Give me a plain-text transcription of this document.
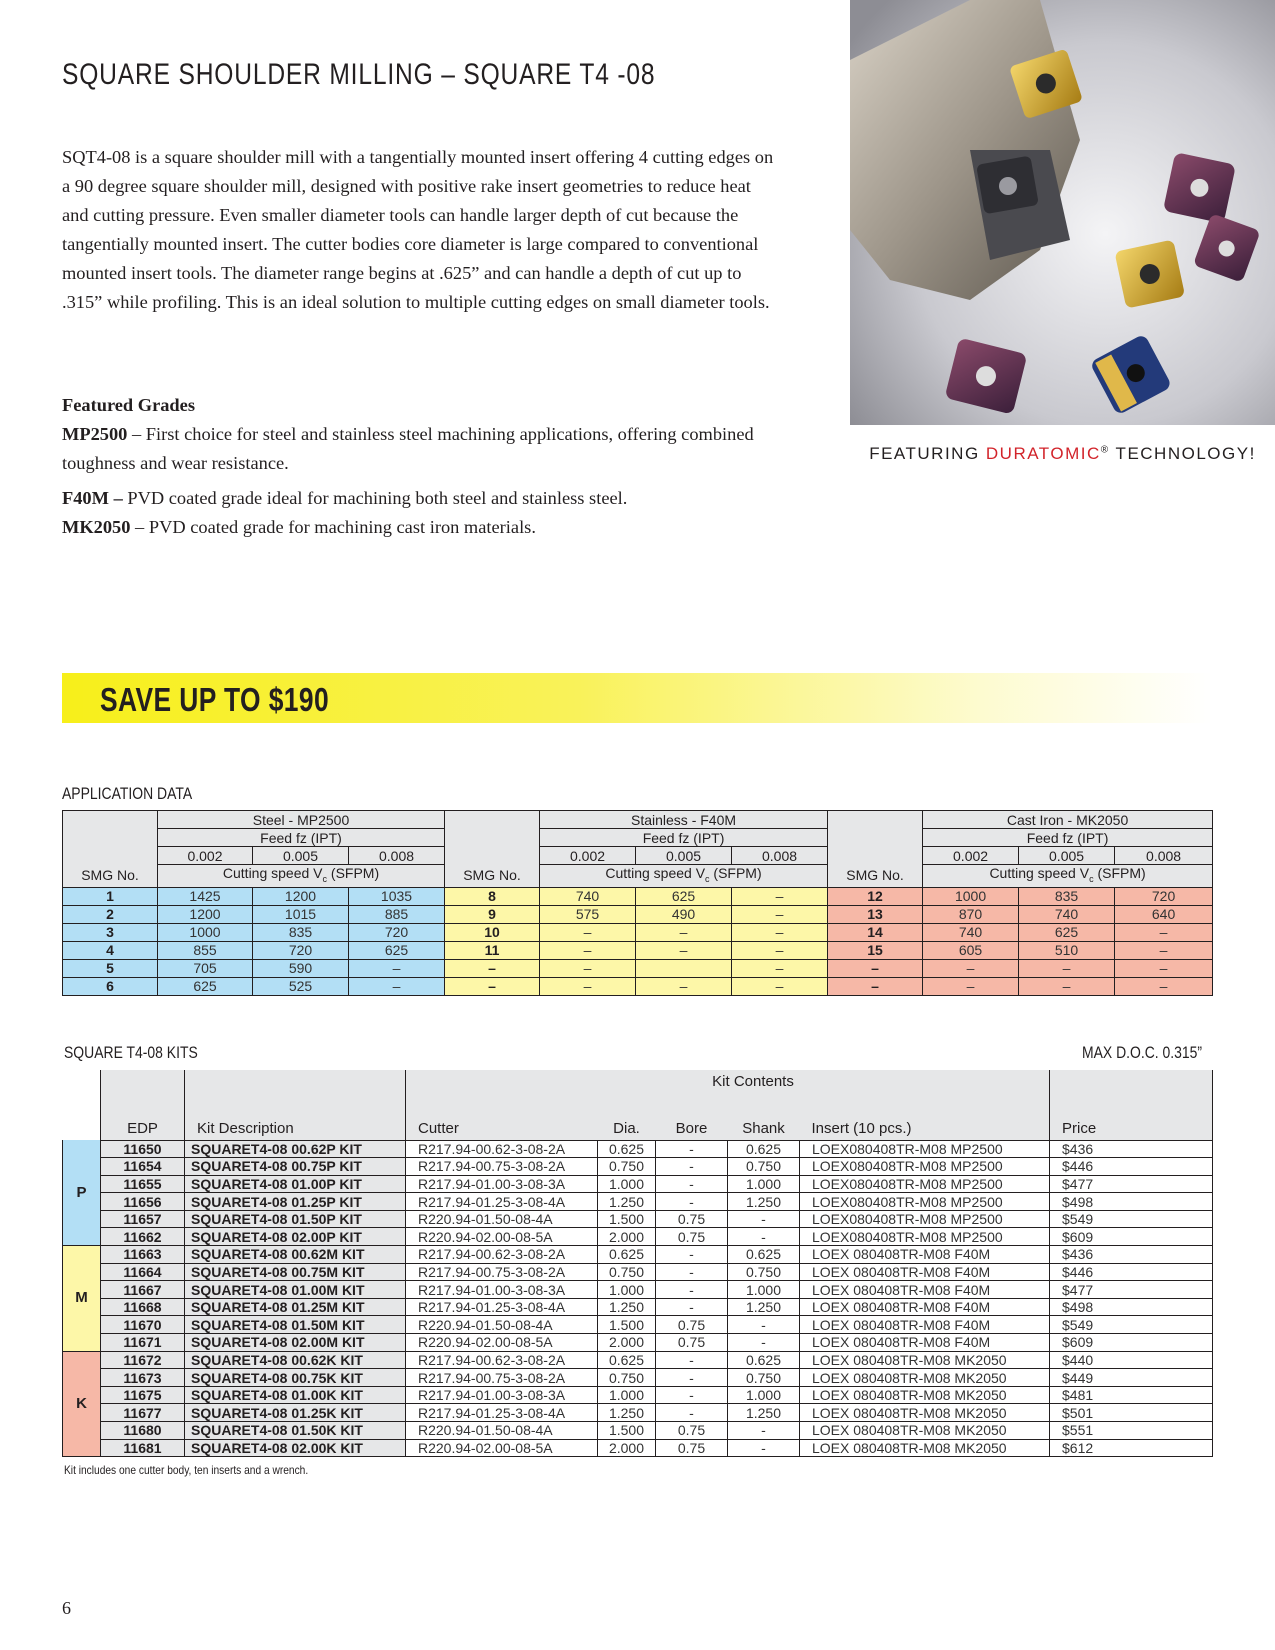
SQUARE SHOULDER MILLING – SQUARE T4 -08

SQT4-08 is a square shoulder mill with a tangentially mounted insert offering 4 cutting edges on a 90 degree square shoulder mill, designed with positive rake insert geometries to reduce heat and cutting pressure. Even smaller diameter tools can handle larger depth of cut because the tangentially mounted insert. The cutter bodies core diameter is large compared to conventional mounted insert tools. The diameter range begins at .625” and can handle a depth of cut up to .315” while profiling. This is an ideal solution to multiple cutting edges on small diameter tools.

Featured Grades
MP2500 – First choice for steel and stainless steel machining applications, offering combined toughness and wear resistance.
F40M – PVD coated grade ideal for machining both steel and stainless steel.
MK2050 – PVD coated grade for machining cast iron materials.
FEATURING DURATOMIC® TECHNOLOGY!
SAVE UP TO $190
APPLICATION DATA
SMG No.	Steel - MP2500			SMG No.	Stainless - F40M			SMG No.	Cast Iron - MK2050		
	Feed fz (IPT)				Feed fz (IPT)				Feed fz (IPT)		
	0.002	0.005	0.008		0.002	0.005	0.008		0.002	0.005	0.008
	Cutting speed $V_c$ (SFPM)				Cutting speed $V_c$ (SFPM)				Cutting speed $V_c$ (SFPM)		
1	1425	1200	1035	8	740	625	–	12	1000	835	720
2	1200	1015	885	9	575	490	–	13	870	740	640
3	1000	835	720	10	–	–	–	14	740	625	–
4	855	720	625	11	–	–	–	15	605	510	–
5	705	590	–	–	–		–	–	–	–	–
6	625	525	–	–	–	–	–	–	–	–	–
SQUARE T4-08 KITS	MAX D.O.C. 0.315”
	EDP	Kit Description	Cutter	Dia.	Bore	Shank	Insert (10 pcs.)	Price
P	11650	SQUARET4-08 00.62P KIT	R217.94-00.62-3-08-2A	0.625	-	0.625	LOEX080408TR-M08 MP2500	$436
	11654	SQUARET4-08 00.75P KIT	R217.94-00.75-3-08-2A	0.750	-	0.750	LOEX080408TR-M08 MP2500	$446
	11655	SQUARET4-08 01.00P KIT	R217.94-01.00-3-08-3A	1.000	-	1.000	LOEX080408TR-M08 MP2500	$477
	11656	SQUARET4-08 01.25P KIT	R217.94-01.25-3-08-4A	1.250	-	1.250	LOEX080408TR-M08 MP2500	$498
	11657	SQUARET4-08 01.50P KIT	R220.94-01.50-08-4A	1.500	0.75	-	LOEX080408TR-M08 MP2500	$549
	11662	SQUARET4-08 02.00P KIT	R220.94-02.00-08-5A	2.000	0.75	-	LOEX080408TR-M08 MP2500	$609
M	11663	SQUARET4-08 00.62M KIT	R217.94-00.62-3-08-2A	0.625	-	0.625	LOEX 080408TR-M08 F40M	$436
	11664	SQUARET4-08 00.75M KIT	R217.94-00.75-3-08-2A	0.750	-	0.750	LOEX 080408TR-M08 F40M	$446
	11667	SQUARET4-08 01.00M KIT	R217.94-01.00-3-08-3A	1.000	-	1.000	LOEX 080408TR-M08 F40M	$477
	11668	SQUARET4-08 01.25M KIT	R217.94-01.25-3-08-4A	1.250	-	1.250	LOEX 080408TR-M08 F40M	$498
	11670	SQUARET4-08 01.50M KIT	R220.94-01.50-08-4A	1.500	0.75	-	LOEX 080408TR-M08 F40M	$549
	11671	SQUARET4-08 02.00M KIT	R220.94-02.00-08-5A	2.000	0.75	-	LOEX 080408TR-M08 F40M	$609
K	11672	SQUARET4-08 00.62K KIT	R217.94-00.62-3-08-2A	0.625	-	0.625	LOEX 080408TR-M08 MK2050	$440
	11673	SQUARET4-08 00.75K KIT	R217.94-00.75-3-08-2A	0.750	-	0.750	LOEX 080408TR-M08 MK2050	$449
	11675	SQUARET4-08 01.00K KIT	R217.94-01.00-3-08-3A	1.000	-	1.000	LOEX 080408TR-M08 MK2050	$481
	11677	SQUARET4-08 01.25K KIT	R217.94-01.25-3-08-4A	1.250	-	1.250	LOEX 080408TR-M08 MK2050	$501
	11680	SQUARET4-08 01.50K KIT	R220.94-01.50-08-4A	1.500	0.75	-	LOEX 080408TR-M08 MK2050	$551
	11681	SQUARET4-08 02.00K KIT	R220.94-02.00-08-5A	2.000	0.75	-	LOEX 080408TR-M08 MK2050	$612
Kit Contents
Kit includes one cutter body, ten inserts and a wrench.
6
